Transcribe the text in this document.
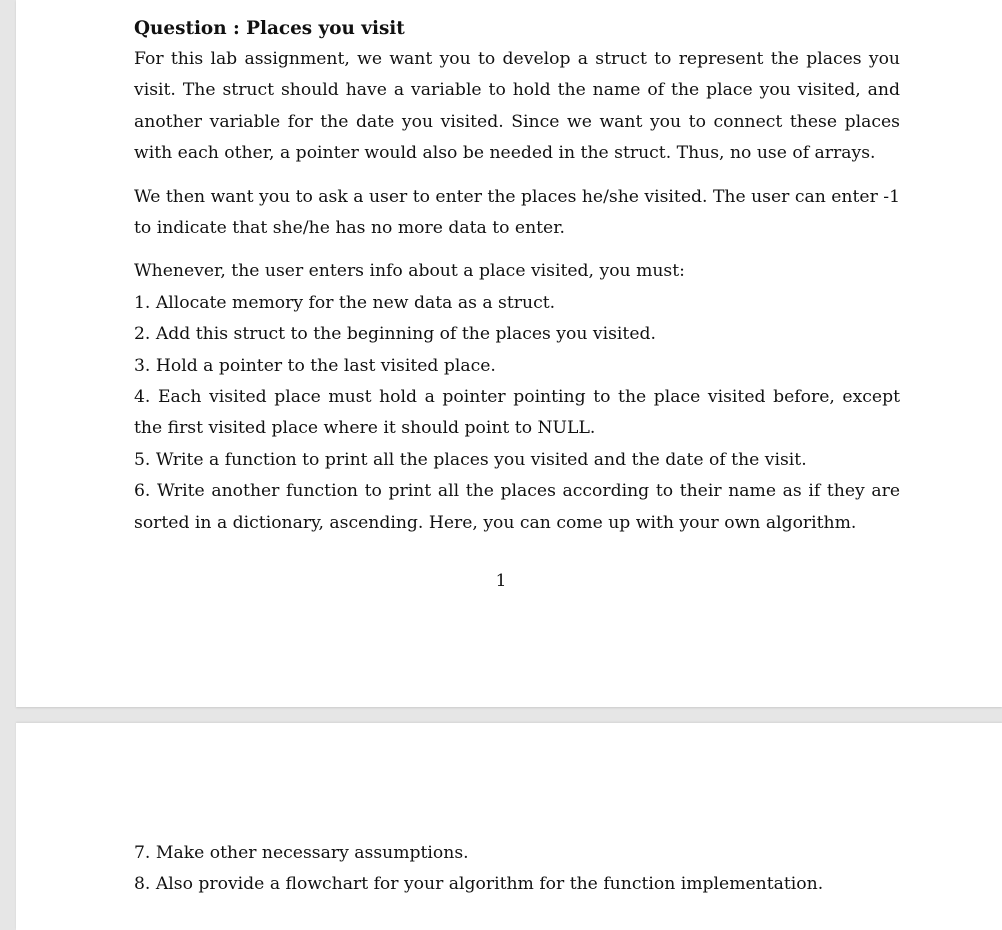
Question : Places you visit

For this lab assignment, we want you to develop a struct to represent the places you visit. The struct should have a variable to hold the name of the place you visited, and another variable for the date you visited. Since we want you to connect these places with each other, a pointer would also be needed in the struct. Thus, no use of arrays.

We then want you to ask a user to enter the places he/she visited. The user can enter -1 to indicate that she/he has no more data to enter.

Whenever, the user enters info about a place visited, you must:

1. Allocate memory for the new data as a struct.

2. Add this struct to the beginning of the places you visited.

3. Hold a pointer to the last visited place.

4. Each visited place must hold a pointer pointing to the place visited before, except the first visited place where it should point to NULL.

5. Write a function to print all the places you visited and the date of the visit.

6. Write another function to print all the places according to their name as if they are sorted in a dictionary, ascending. Here, you can come up with your own algorithm.

1

7. Make other necessary assumptions.

8. Also provide a flowchart for your algorithm for the function implementation.
